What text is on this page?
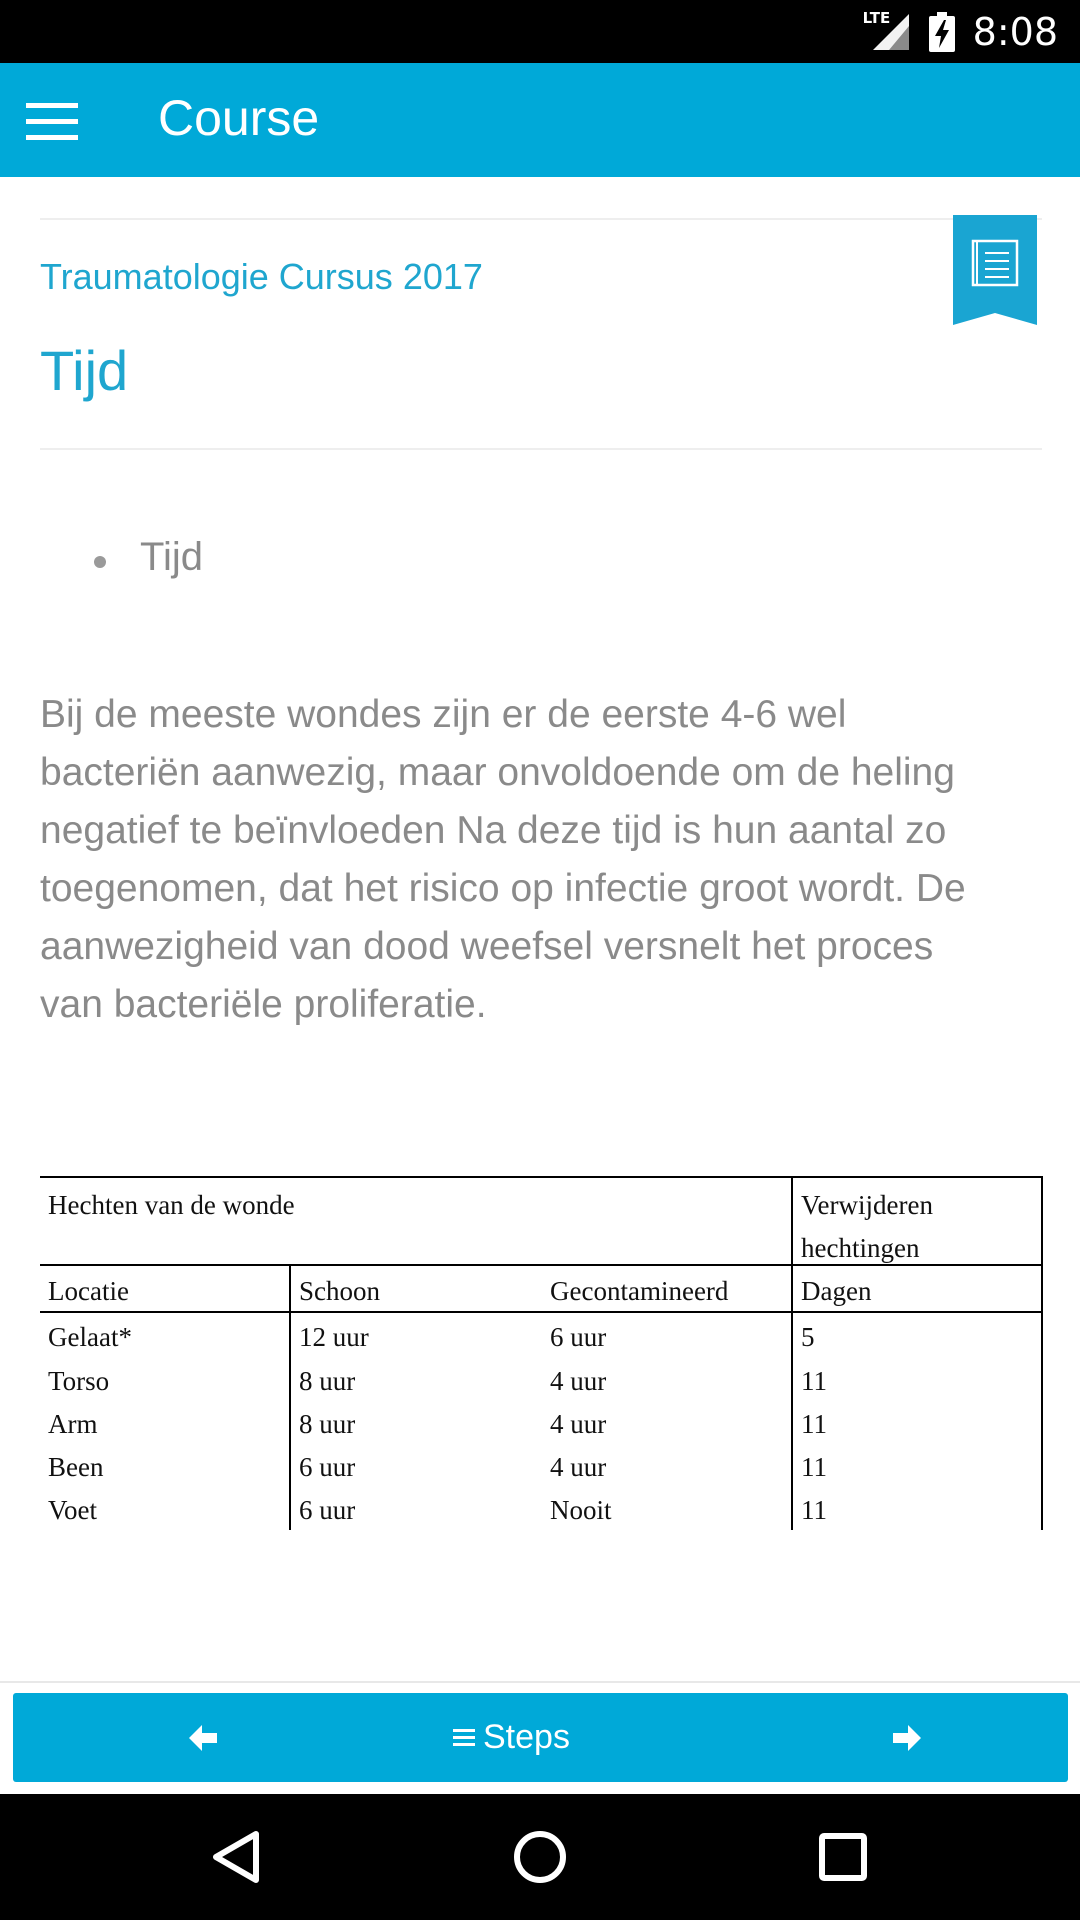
LTE 8:08
Course
Traumatologie Cursus 2017
Tijd
Tijd
Bij de meeste wondes zijn er de eerste 4-6 wel
bacteriën aanwezig, maar onvoldoende om de heling
negatief te beïnvloeden Na deze tijd is hun aantal zo
toegenomen, dat het risico op infectie groot wordt. De
aanwezigheid van dood weefsel versnelt het proces
van bacteriële proliferatie.
Hechten van de wonde	Verwijderen
hechtingen
Locatie	Schoon	Gecontamineerd	Dagen
Gelaat*	12 uur	6 uur	5
Torso	8 uur	4 uur	11
Arm	8 uur	4 uur	11
Been	6 uur	4 uur	11
Voet	6 uur	Nooit	11
Steps
